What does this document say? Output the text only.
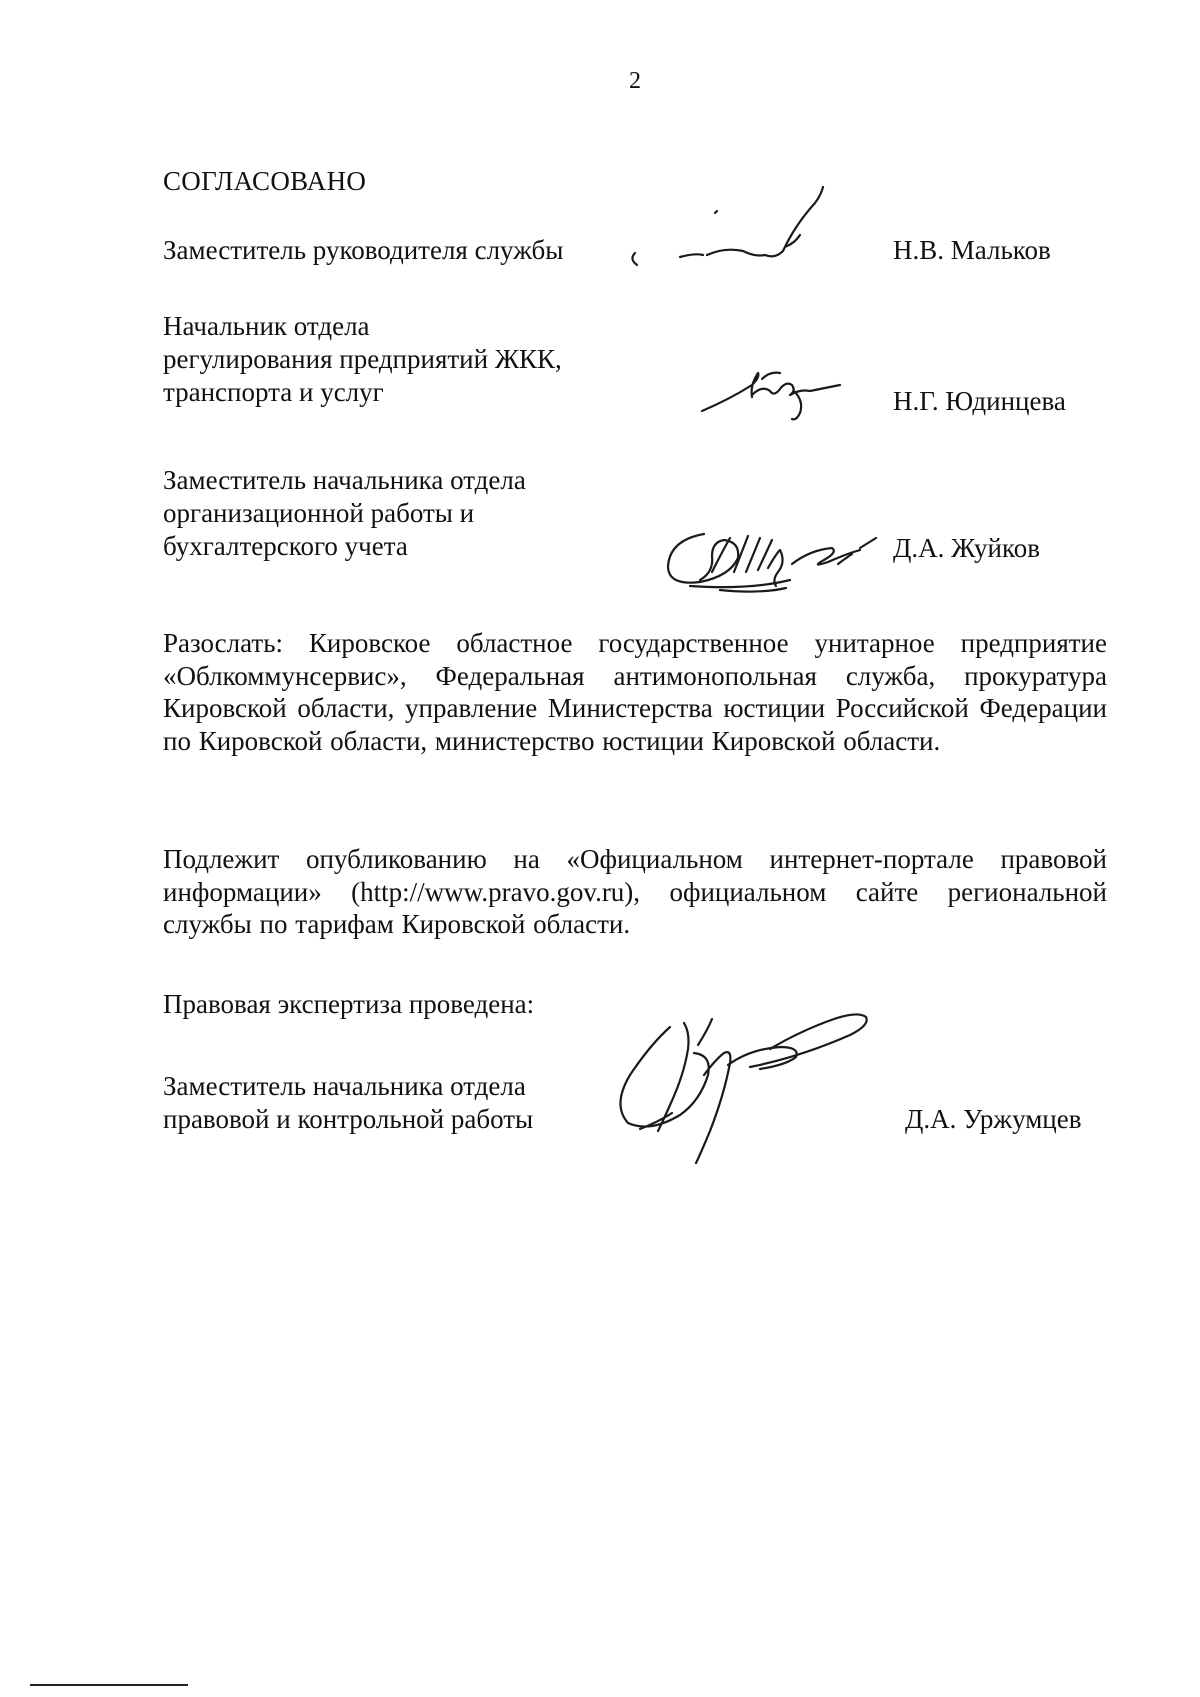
2
СОГЛАСОВАНО
Заместитель руководителя службы	Н.В. Мальков
Начальник отдела
регулирования предприятий ЖКК,
транспорта и услуг	Н.Г. Юдинцева
Заместитель начальника отдела
организационной работы и
бухгалтерского учета	Д.А. Жуйков
Разослать: Кировское областное государственное унитарное предприятие «Облкоммунсервис», Федеральная антимонопольная служба, прокуратура Кировской области, управление Министерства юстиции Российской Федерации по Кировской области, министерство юстиции Кировской области.
Подлежит опубликованию на «Официальном интернет-портале правовой информации» (http://www.pravo.gov.ru), официальном сайте региональной службы по тарифам Кировской области.
Правовая экспертиза проведена:
Заместитель начальника отдела
правовой и контрольной работы	Д.А. Уржумцев
